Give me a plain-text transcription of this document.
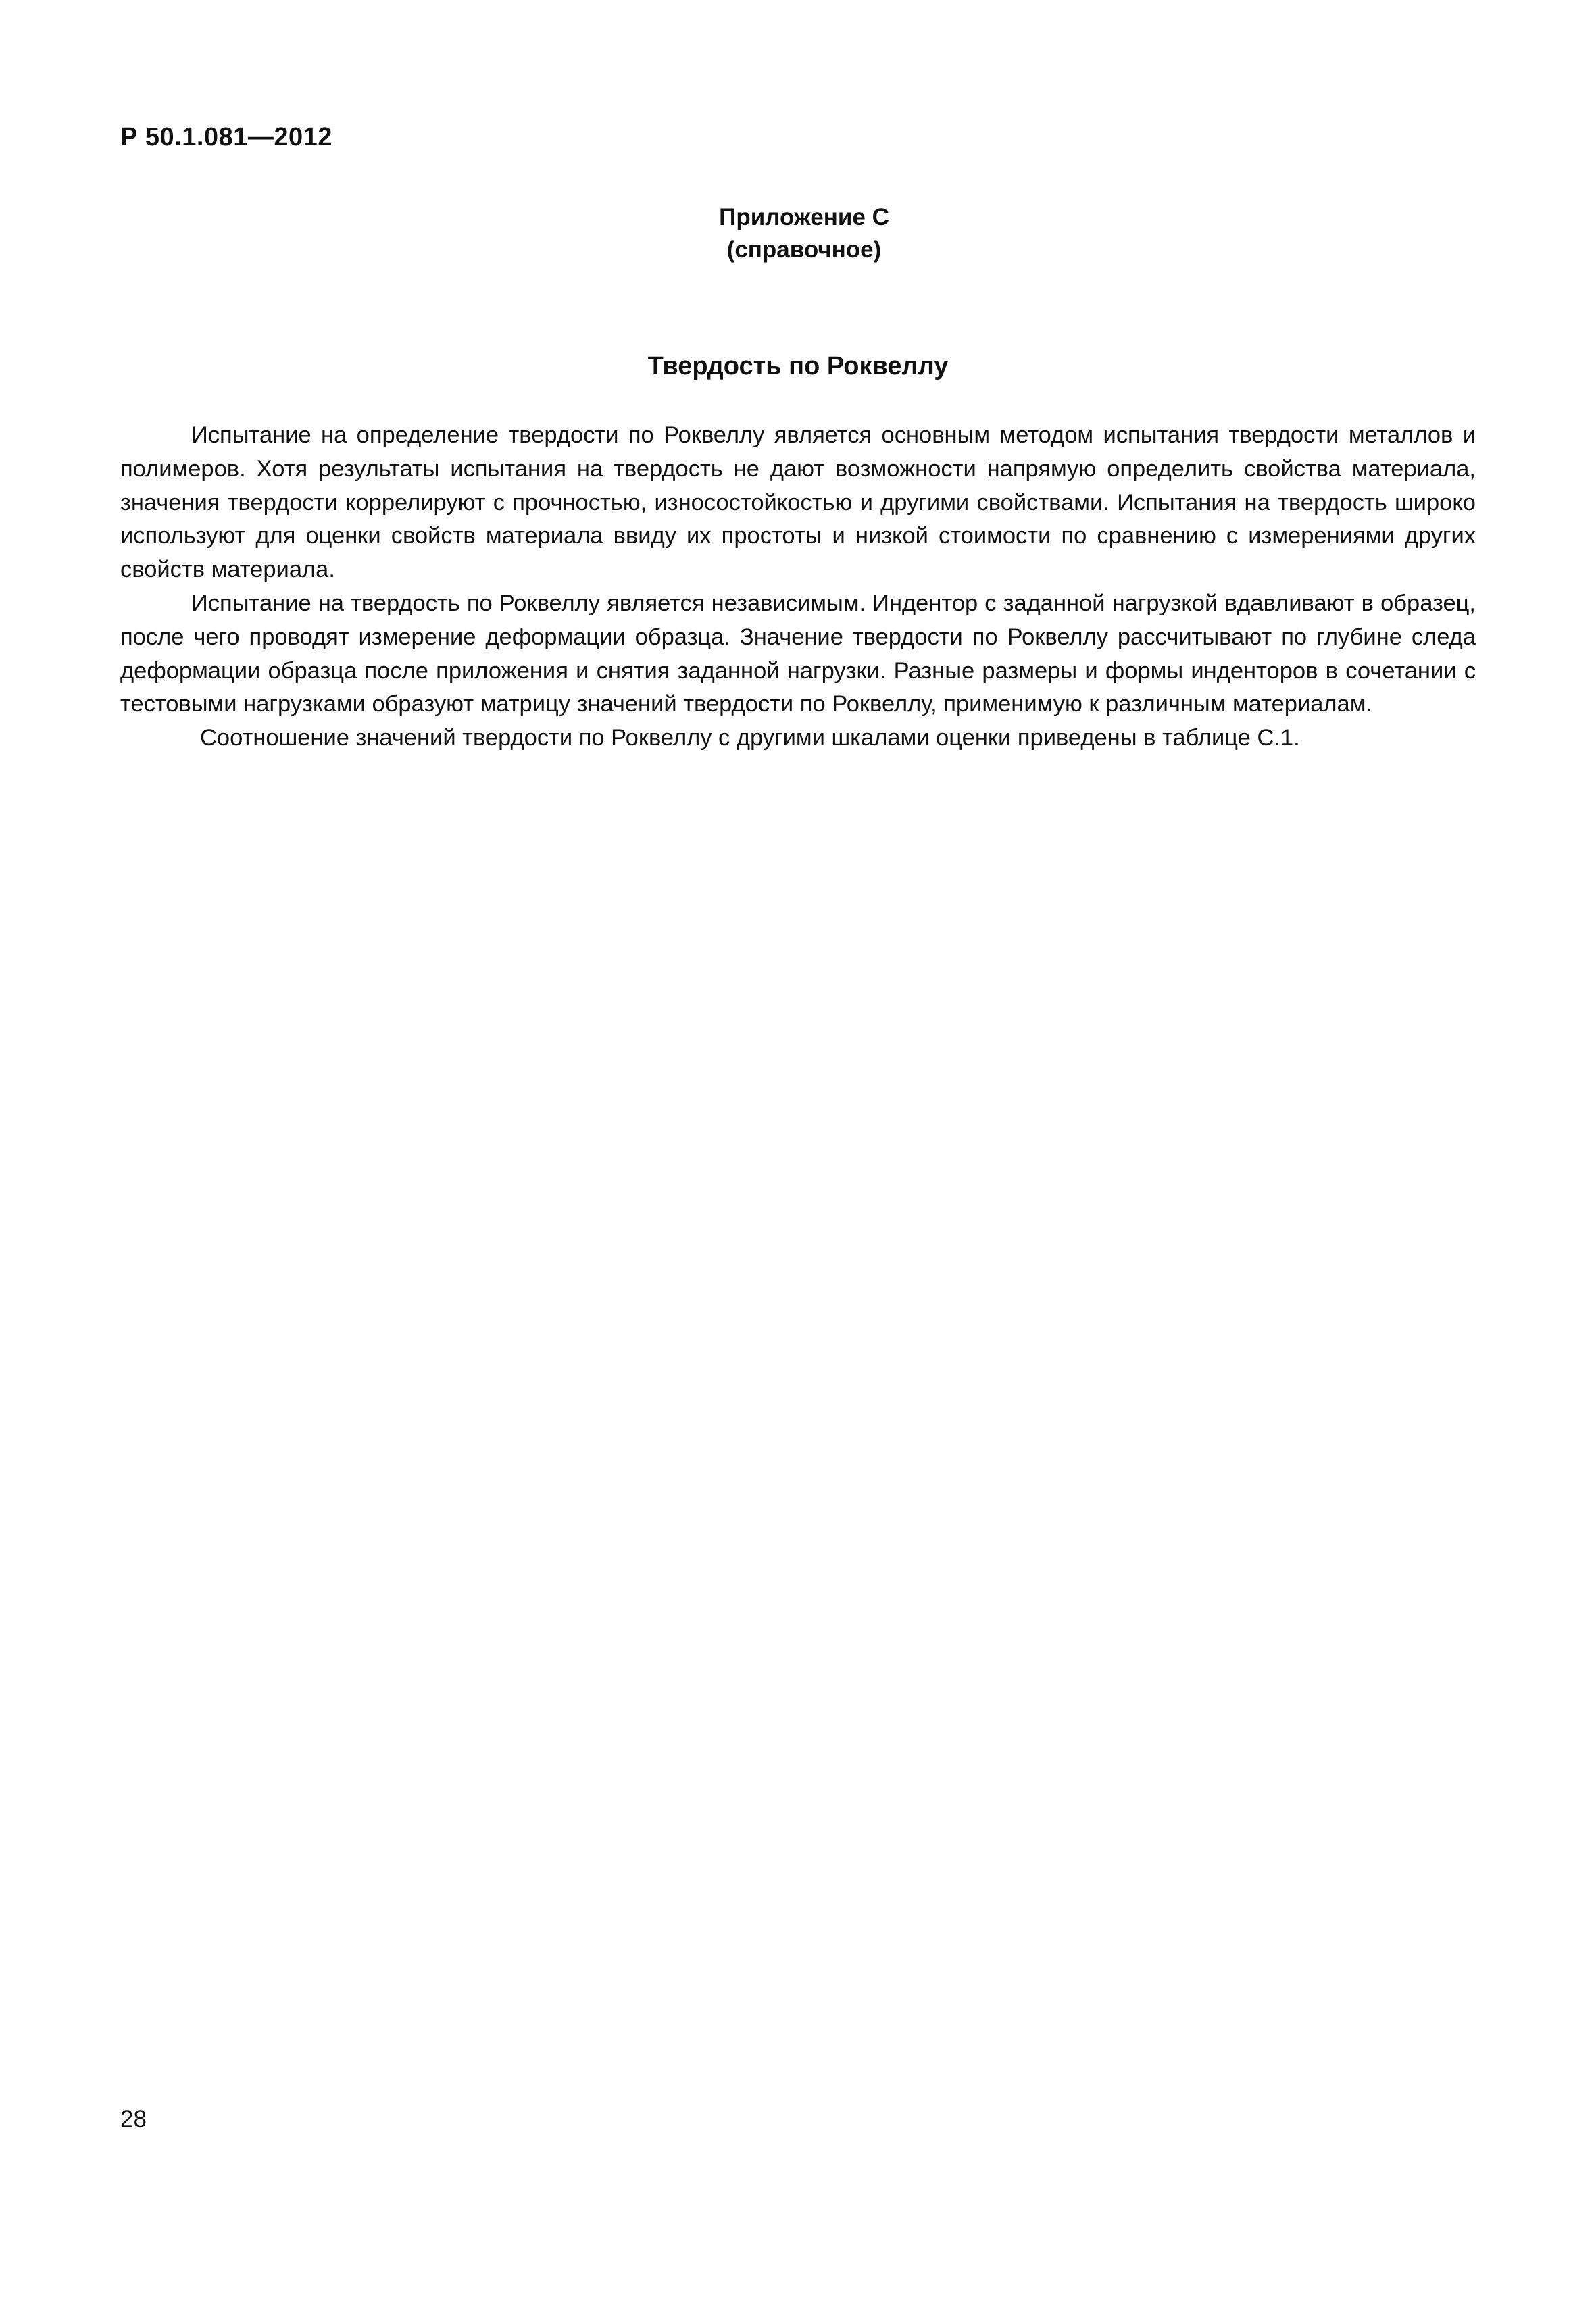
Р 50.1.081—2012
Приложение С
(справочное)
Твердость по Роквеллу

Испытание на определение твердости по Роквеллу является основным методом испытания твердости металлов и полимеров. Хотя результаты испытания на твердость не дают возможности напрямую определить свойства материала, значения твердости коррелируют с прочностью, износостойкостью и другими свойствами. Испытания на твердость широко используют для оценки свойств материала ввиду их простоты и низкой стоимости по сравнению с измерениями других свойств материала.

Испытание на твердость по Роквеллу является независимым. Индентор с заданной нагрузкой вдавливают в образец, после чего проводят измерение деформации образца. Значение твердости по Роквеллу рассчитывают по глубине следа деформации образца после приложения и снятия заданной нагрузки. Разные размеры и формы инденторов в сочетании с тестовыми нагрузками образуют матрицу значений твердости по Роквеллу, применимую к различным материалам.

Соотношение значений твердости по Роквеллу с другими шкалами оценки приведены в таблице С.1.

28
